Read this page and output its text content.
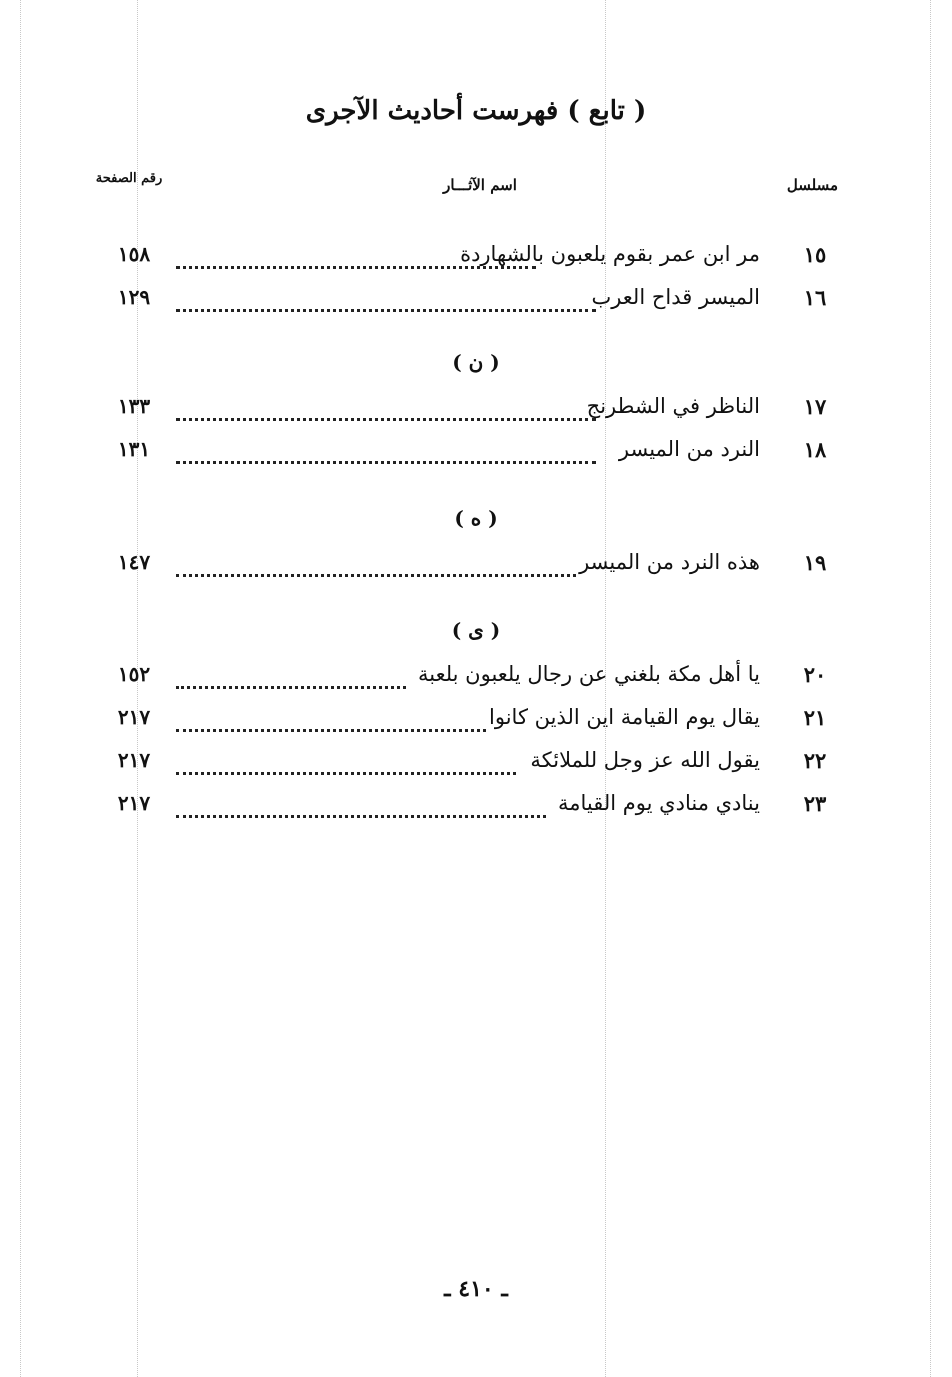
( تابع ) فهرست أحاديث الآجرى
مسلسل
اسم الآثـــار
رقم الصفحة
١٥
مر ابن عمر بقوم يلعبون بالشهاردة
١٥٨
١٦
الميسر قداح العرب
١٢٩
( ن )
١٧
الناظر في الشطرنج
١٣٣
١٨
النرد من الميسر
١٣١
( ه )
١٩
هذه النرد من الميسر
١٤٧
( ى )
٢٠
يا أهل مكة بلغني عن رجال يلعبون بلعبة
١٥٢
٢١
يقال يوم القيامة اين الذين كانوا
٢١٧
٢٢
يقول الله عز وجل للملائكة
٢١٧
٢٣
ينادي منادي يوم القيامة
٢١٧
ـ ٤١٠ ـ
